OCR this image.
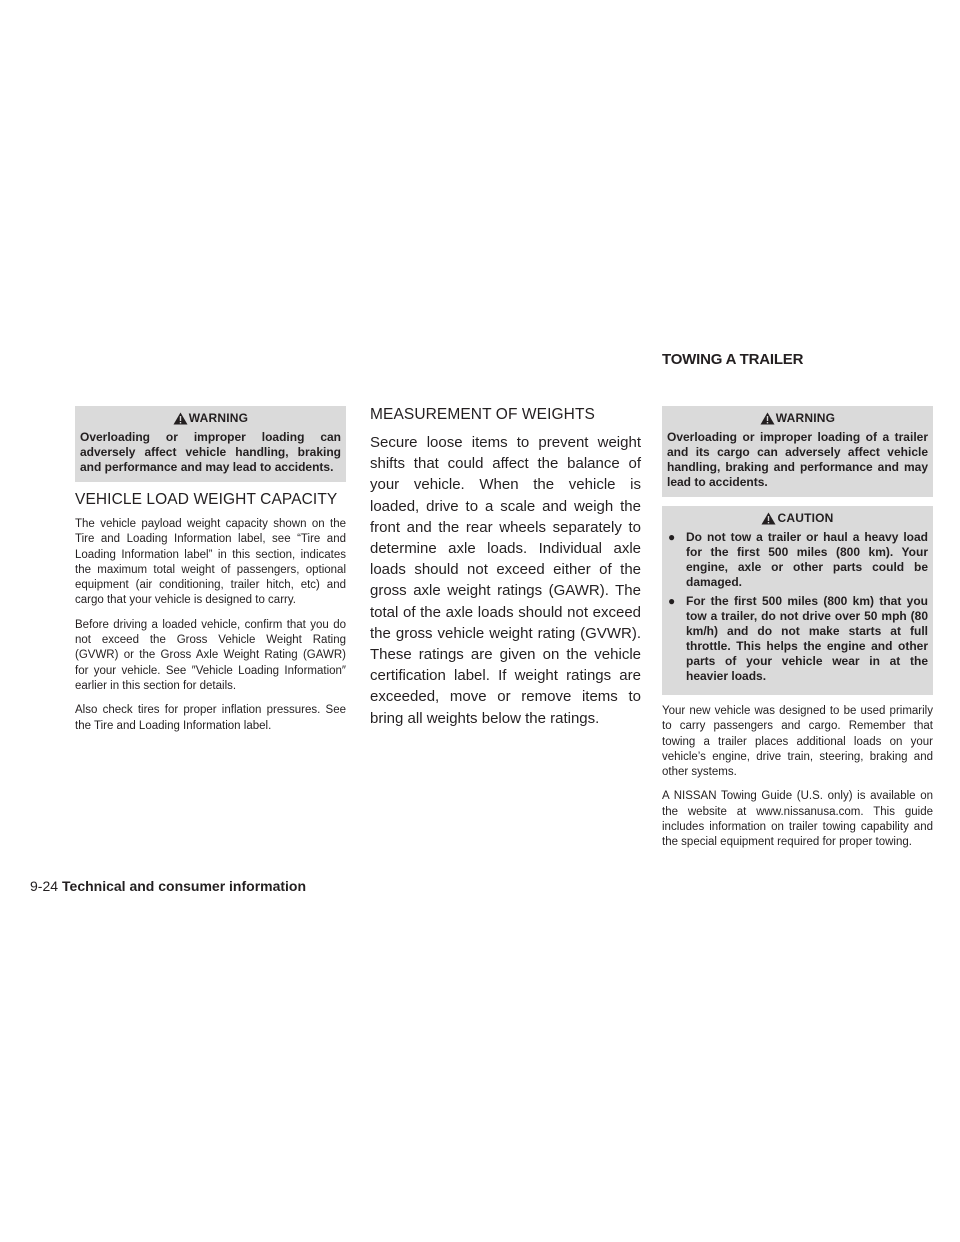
TOWING A TRAILER
WARNING

Overloading or improper loading can adversely affect vehicle handling, braking and performance and may lead to accidents.

VEHICLE LOAD WEIGHT CAPACITY

The vehicle payload weight capacity shown on the Tire and Loading Information label, see “Tire and Loading Information label” in this section, indicates the maximum total weight of passengers, optional equipment (air conditioning, trailer hitch, etc) and cargo that your vehicle is designed to carry.

Before driving a loaded vehicle, confirm that you do not exceed the Gross Vehicle Weight Rating (GVWR) or the Gross Axle Weight Rating (GAWR) for your vehicle. See ″Vehicle Loading Information″ earlier in this section for details.

Also check tires for proper inflation pressures. See the Tire and Loading Information label.

MEASUREMENT OF WEIGHTS

Secure loose items to prevent weight shifts that could affect the balance of your vehicle. When the vehicle is loaded, drive to a scale and weigh the front and the rear wheels separately to determine axle loads. Individual axle loads should not exceed either of the gross axle weight ratings (GAWR). The total of the axle loads should not exceed the gross vehicle weight rating (GVWR). These ratings are given on the vehicle certification label. If weight ratings are exceeded, move or remove items to bring all weights below the ratings.

WARNING

Overloading or improper loading of a trailer and its cargo can adversely affect vehicle handling, braking and performance and may lead to accidents.

CAUTION
● Do not tow a trailer or haul a heavy load for the first 500 miles (800 km). Your engine, axle or other parts could be damaged.
● For the first 500 miles (800 km) that you tow a trailer, do not drive over 50 mph (80 km/h) and do not make starts at full throttle. This helps the engine and other parts of your vehicle wear in at the heavier loads.

Your new vehicle was designed to be used primarily to carry passengers and cargo. Remember that towing a trailer places additional loads on your vehicle’s engine, drive train, steering, braking and other systems.

A NISSAN Towing Guide (U.S. only) is available on the website at www.nissanusa.com. This guide includes information on trailer towing capability and the special equipment required for proper towing.

9-24 Technical and consumer information
